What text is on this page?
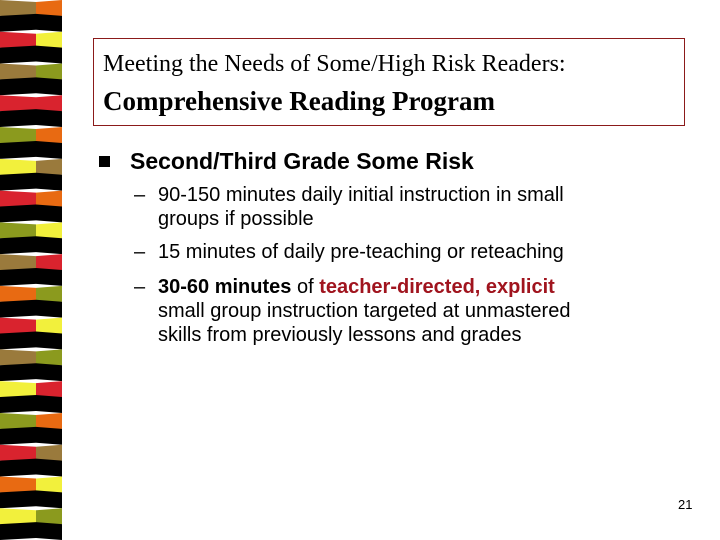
Meeting the Needs of Some/High Risk Readers:
Comprehensive Reading Program
Second/Third Grade Some Risk
– 90-150 minutes daily initial instruction in small
groups if possible
– 15 minutes of daily pre-teaching or reteaching
– 30-60 minutes of teacher-directed, explicit
small group instruction targeted at unmastered
skills from previously lessons and grades
21
